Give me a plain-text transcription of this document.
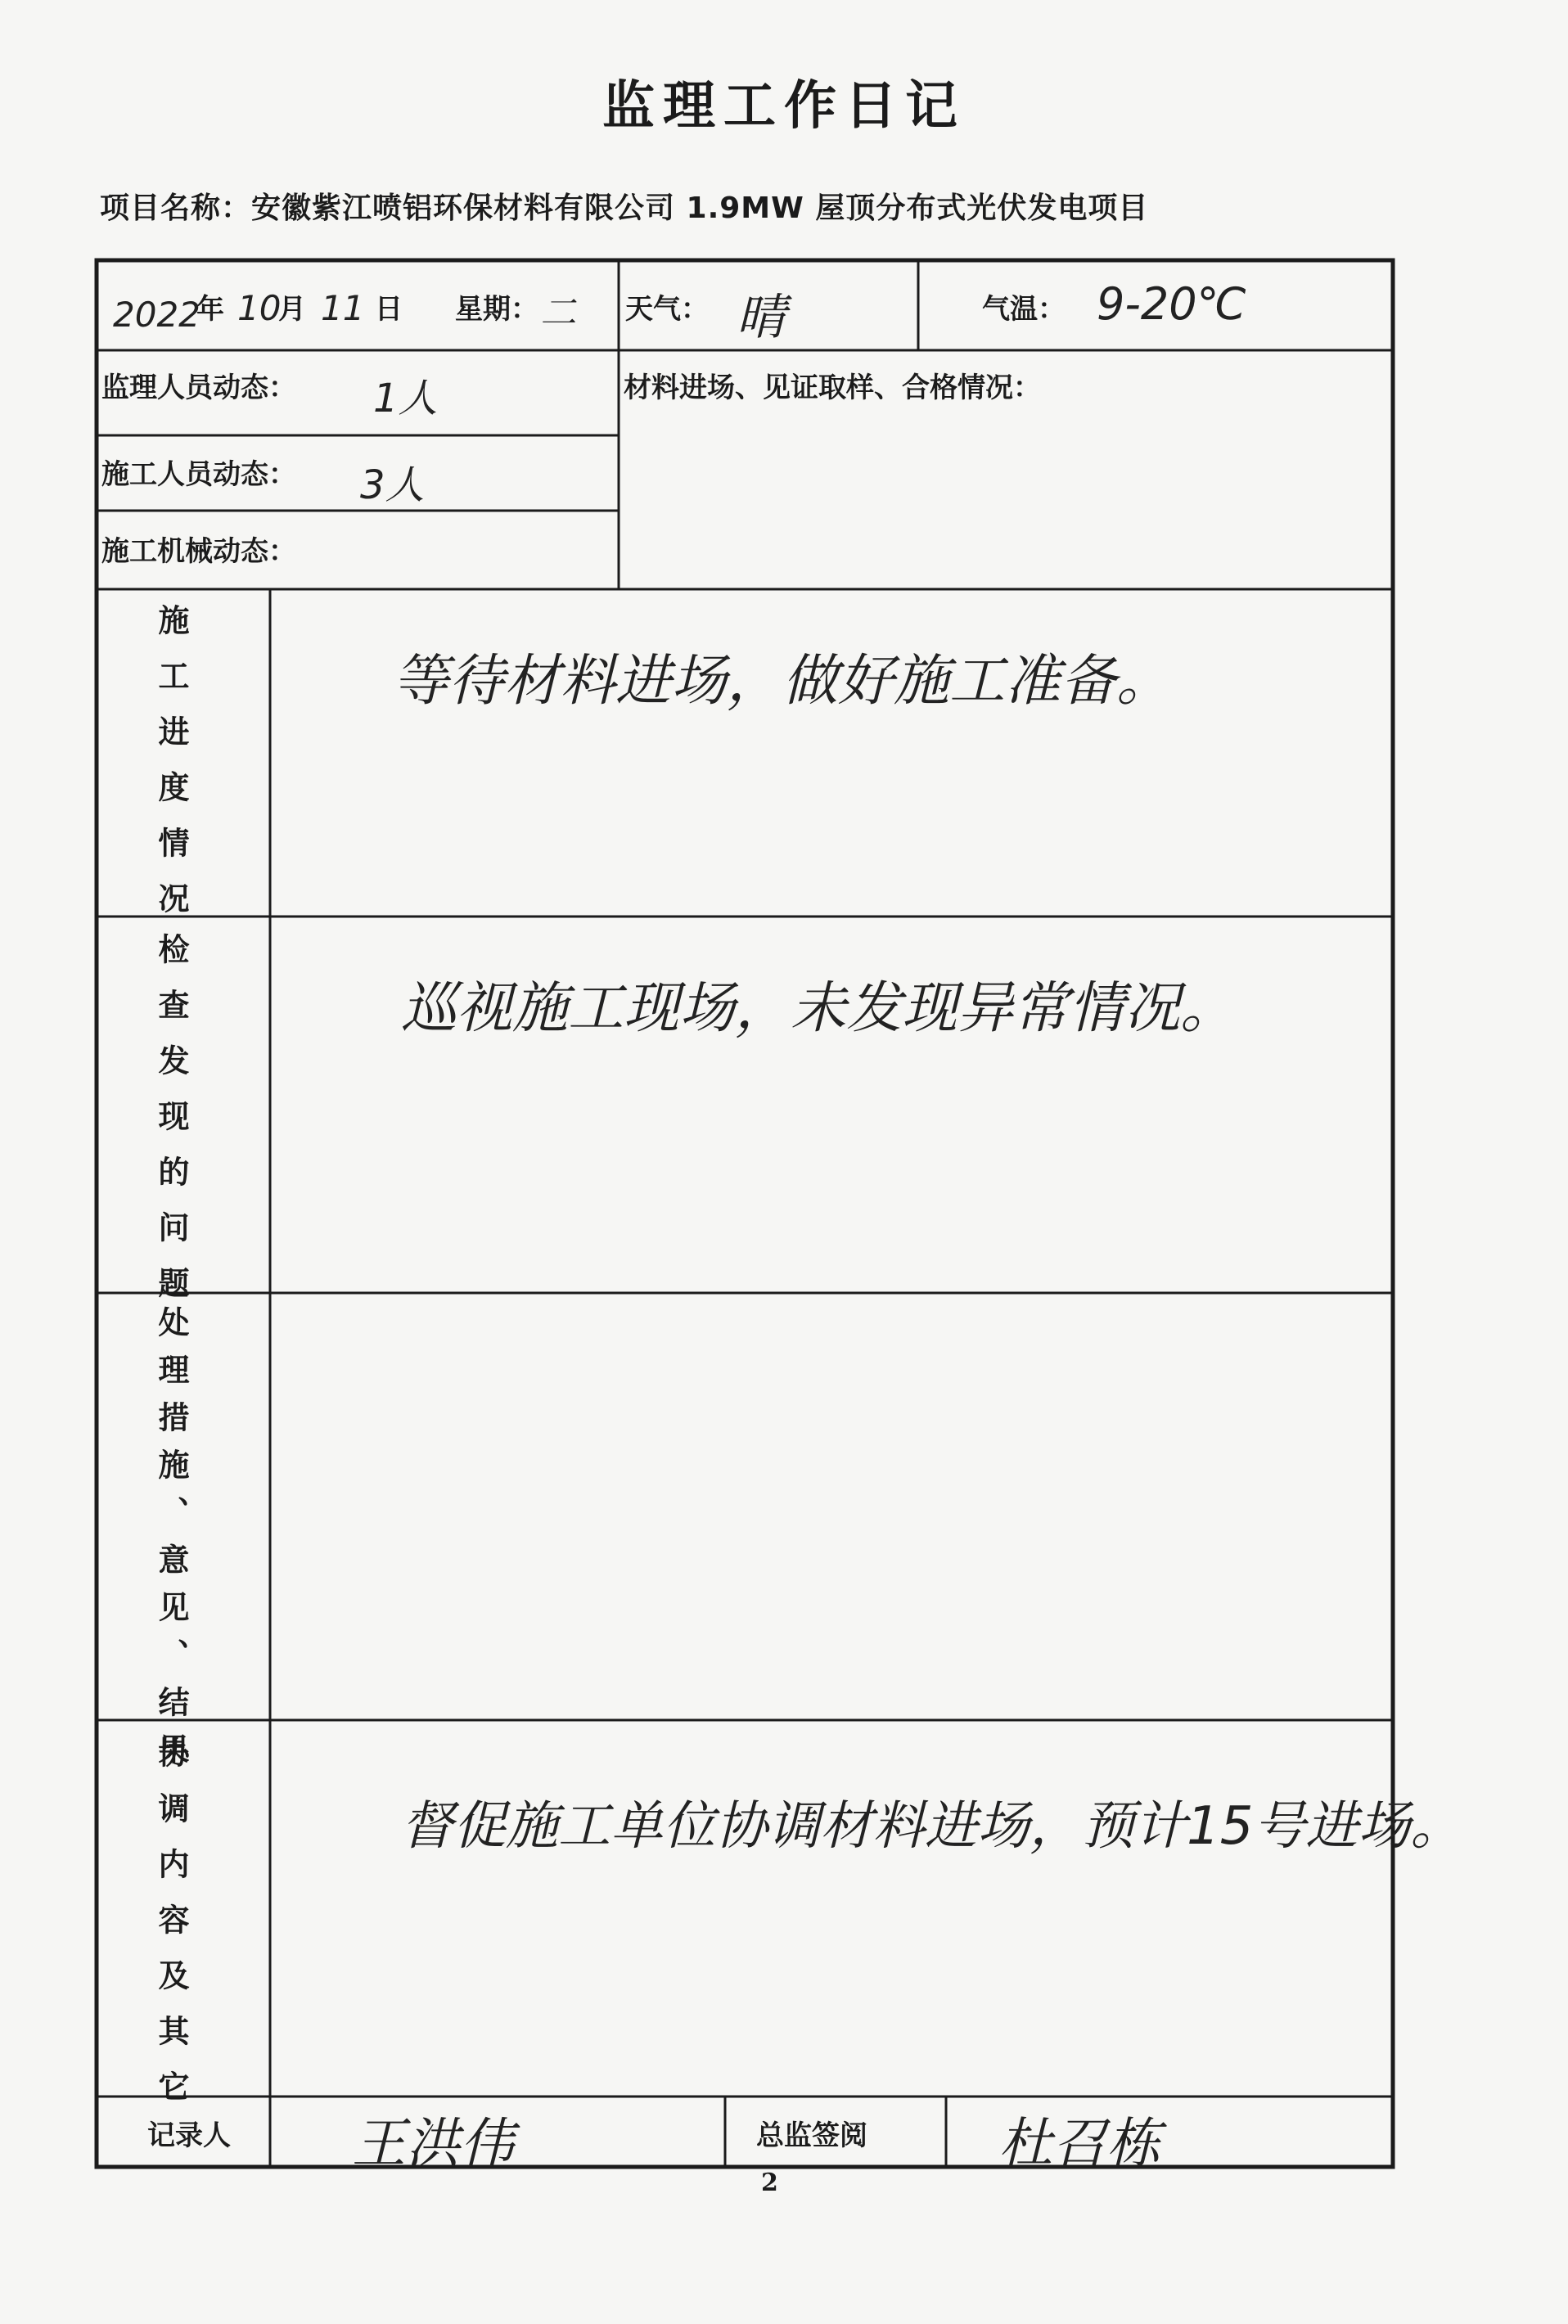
监理工作日记
项目名称：安徽紫江喷铝环保材料有限公司 1.9MW 屋顶分布式光伏发电项目
2022
年 10
月 11 日 星期： 二 天气： 晴	气温： 9-20℃
监理人员动态： 1人
施工人员动态： 3人
施工机械动态：
材料进场、见证取样、合格情况：
施工进度情况
检查发现的问题
处理措施、意见、结果
协调内容及其它
等待材料进场，做好施工准备。
巡视施工现场，未发现异常情况。
督促施工单位协调材料进场，预计15号进场。
记录人 王洪伟	总监签阅 杜召栋
2
